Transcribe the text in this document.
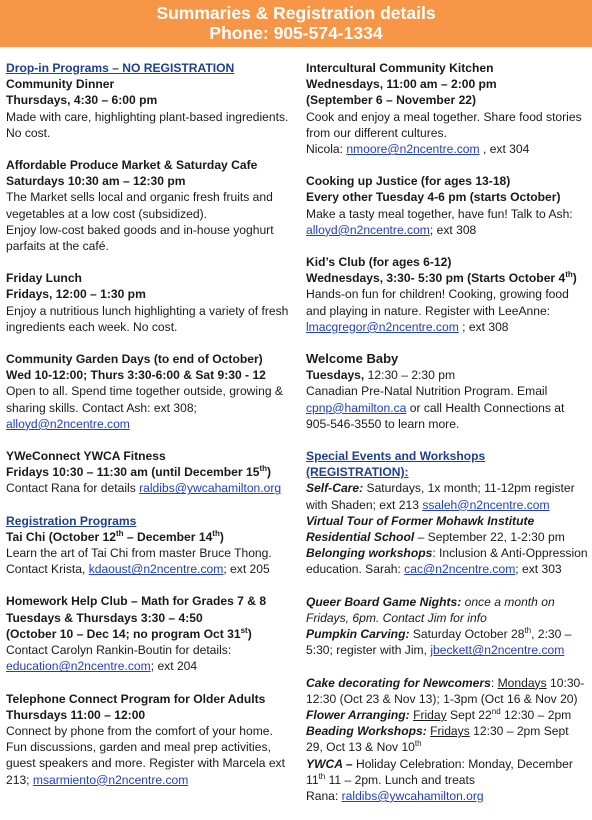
Summaries & Registration details
Phone: 905-574-1334
Drop-in Programs – NO REGISTRATION
Community Dinner
Thursdays, 4:30 – 6:00 pm

Made with care, highlighting plant-based ingredients. No cost.

Affordable Produce Market & Saturday Cafe
Saturdays 10:30 am – 12:30 pm

The Market sells local and organic fresh fruits and vegetables at a low cost (subsidized).

Enjoy low-cost baked goods and in-house yoghurt parfaits at the café.

Friday Lunch
Fridays, 12:00 – 1:30 pm

Enjoy a nutritious lunch highlighting a variety of fresh ingredients each week. No cost.

Community Garden Days (to end of October)
Wed 10-12:00; Thurs 3:30-6:00 & Sat 9:30 - 12

Open to all. Spend time together outside, growing & sharing skills. Contact Ash: ext 308;

alloyd@n2ncentre.com
YWeConnect YWCA Fitness
Fridays 10:30 – 11:30 am (until December 15th)

Contact Rana for details raldibs@ywcahamilton.org

Registration Programs
Tai Chi (October 12th – December 14th)

Learn the art of Tai Chi from master Bruce Thong. Contact Krista, kdaoust@n2ncentre.com; ext 205

Homework Help Club – Math for Grades 7 & 8
Tuesdays & Thursdays 3:30 – 4:50
(October 10 – Dec 14; no program Oct 31st)

Contact Carolyn Rankin-Boutin for details:

education@n2ncentre.com; ext 204

Telephone Connect Program for Older Adults
Thursdays 11:00 – 12:00

Connect by phone from the comfort of your home. Fun discussions, garden and meal prep activities, guest speakers and more. Register with Marcela ext 213; msarmiento@n2ncentre.com

Intercultural Community Kitchen
Wednesdays, 11:00 am – 2:00 pm
(September 6 – November 22)

Cook and enjoy a meal together. Share food stories from our different cultures.

Nicola: nmoore@n2ncentre.com , ext 304

Cooking up Justice (for ages 13-18)
Every other Tuesday 4-6 pm (starts October)

Make a tasty meal together, have fun! Talk to Ash:

alloyd@n2ncentre.com; ext 308

Kid’s Club (for ages 6-12)
Wednesdays, 3:30- 5:30 pm (Starts October 4th)

Hands-on fun for children! Cooking, growing food and playing in nature. Register with LeeAnne:

lmacgregor@n2ncentre.com ; ext 308

Welcome Baby

Tuesdays, 12:30 – 2:30 pm

Canadian Pre-Natal Nutrition Program. Email cpnp@hamilton.ca or call Health Connections at 905-546-3550 to learn more.

Special Events and Workshops (REGISTRATION):

Self-Care: Saturdays, 1x month; 11-12pm register with Shaden; ext 213 ssaleh@n2ncentre.com

Virtual Tour of Former Mohawk Institute Residential School – September 22, 1-2:30 pm

Belonging workshops: Inclusion & Anti-Oppression education. Sarah: cac@n2ncentre.com; ext 303

Queer Board Game Nights: once a month on Fridays, 6pm. Contact Jim for info

Pumpkin Carving: Saturday October 28th, 2:30 – 5:30; register with Jim, jbeckett@n2ncentre.com

Cake decorating for Newcomers: Mondays 10:30-12:30 (Oct 23 & Nov 13); 1-3pm (Oct 16 & Nov 20)

Flower Arranging: Friday Sept 22nd 12:30 – 2pm

Beading Workshops: Fridays 12:30 – 2pm Sept 29, Oct 13 & Nov 10th

YWCA – Holiday Celebration: Monday, December 11th 11 – 2pm. Lunch and treats

Rana: raldibs@ywcahamilton.org
